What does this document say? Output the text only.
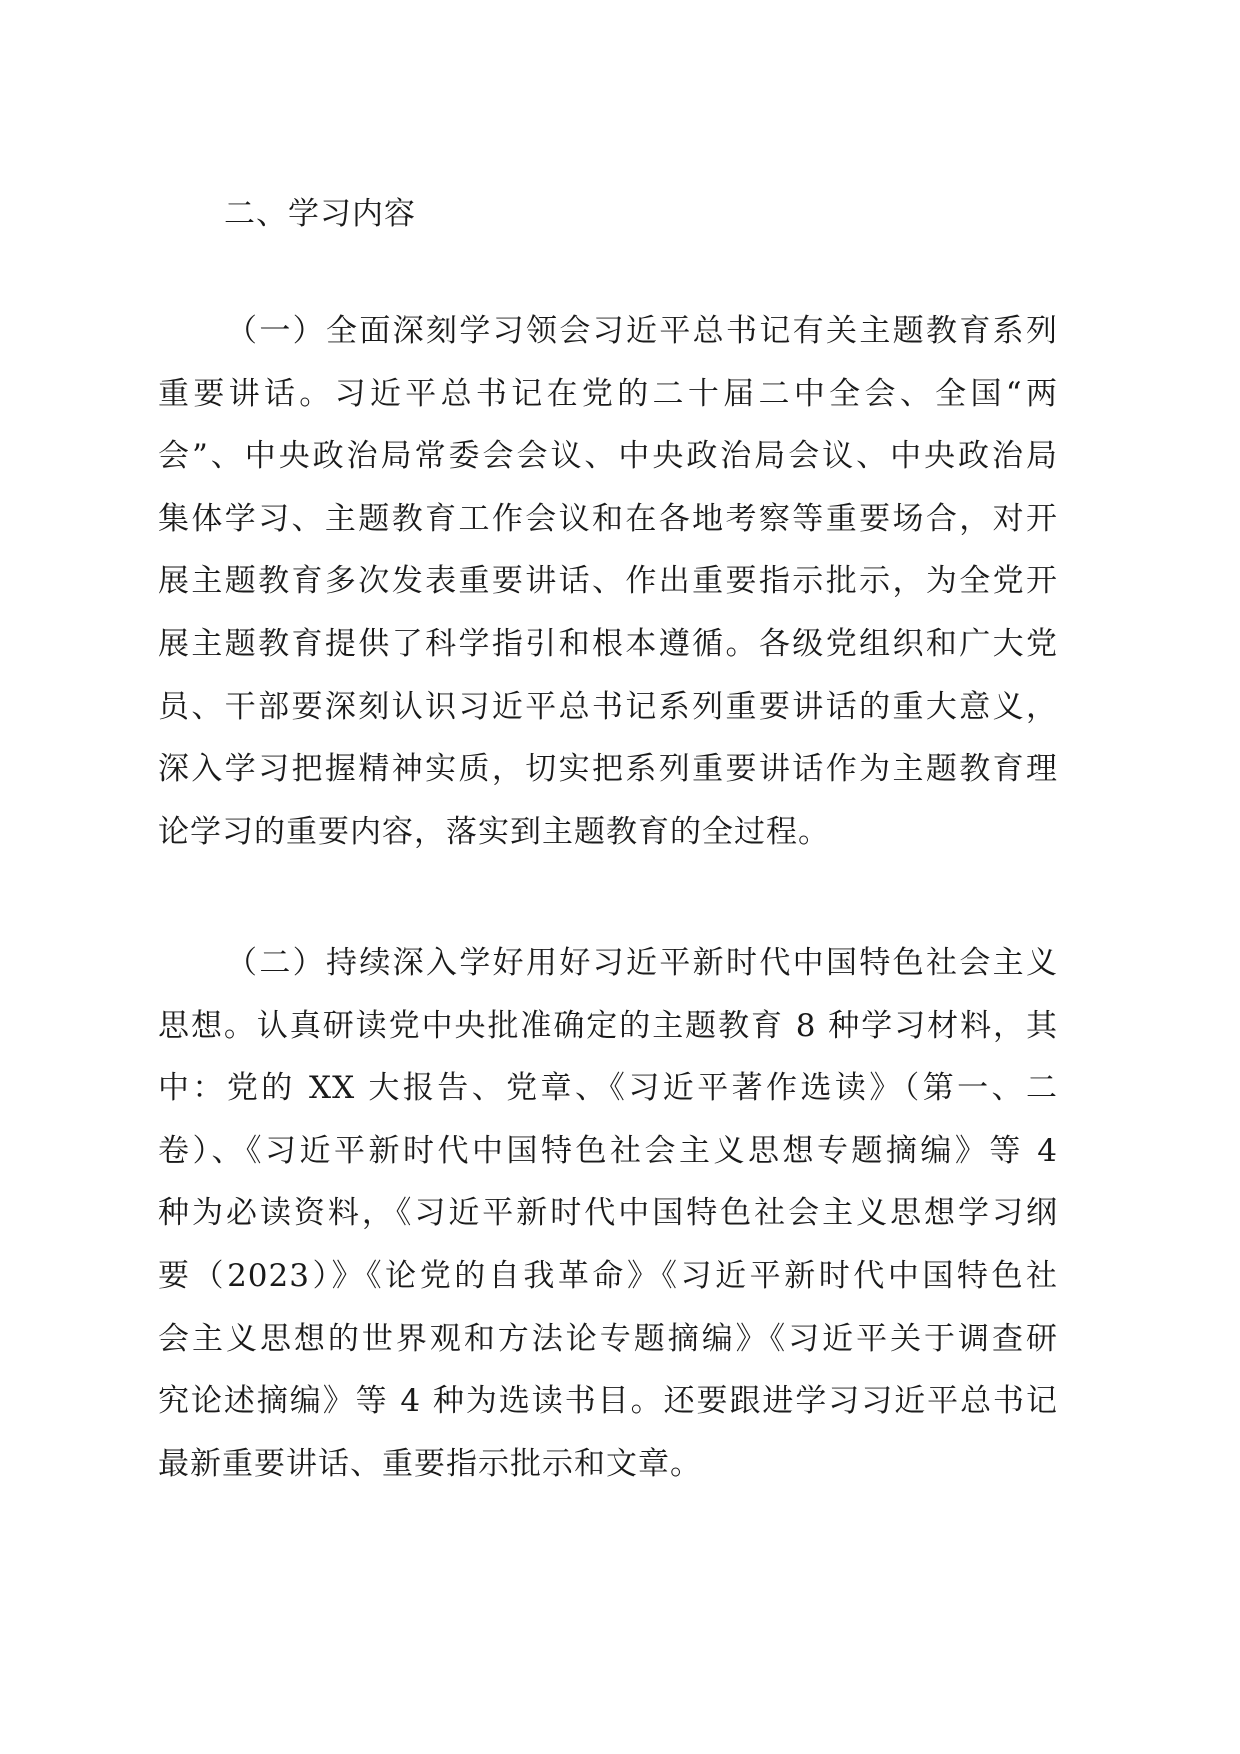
二、学习内容
（一）全面深刻学习领会习近平总书记有关主题教育系列
重要讲话。习近平总书记在党的二十届二中全会、全国“两
会”、中央政治局常委会会议、中央政治局会议、中央政治局
集体学习、主题教育工作会议和在各地考察等重要场合，对开
展主题教育多次发表重要讲话、作出重要指示批示，为全党开
展主题教育提供了科学指引和根本遵循。各级党组织和广大党
员、干部要深刻认识习近平总书记系列重要讲话的重大意义，
深入学习把握精神实质，切实把系列重要讲话作为主题教育理
论学习的重要内容，落实到主题教育的全过程。
（二）持续深入学好用好习近平新时代中国特色社会主义
思想。认真研读党中央批准确定的主题教育 8 种学习材料，其
中：党的 XX 大报告、党章、《习近平著作选读》（第一、二
卷）、《习近平新时代中国特色社会主义思想专题摘编》等 4
种为必读资料，《习近平新时代中国特色社会主义思想学习纲
要（2023）》《论党的自我革命》《习近平新时代中国特色社
会主义思想的世界观和方法论专题摘编》《习近平关于调查研
究论述摘编》等 4 种为选读书目。还要跟进学习习近平总书记
最新重要讲话、重要指示批示和文章。
